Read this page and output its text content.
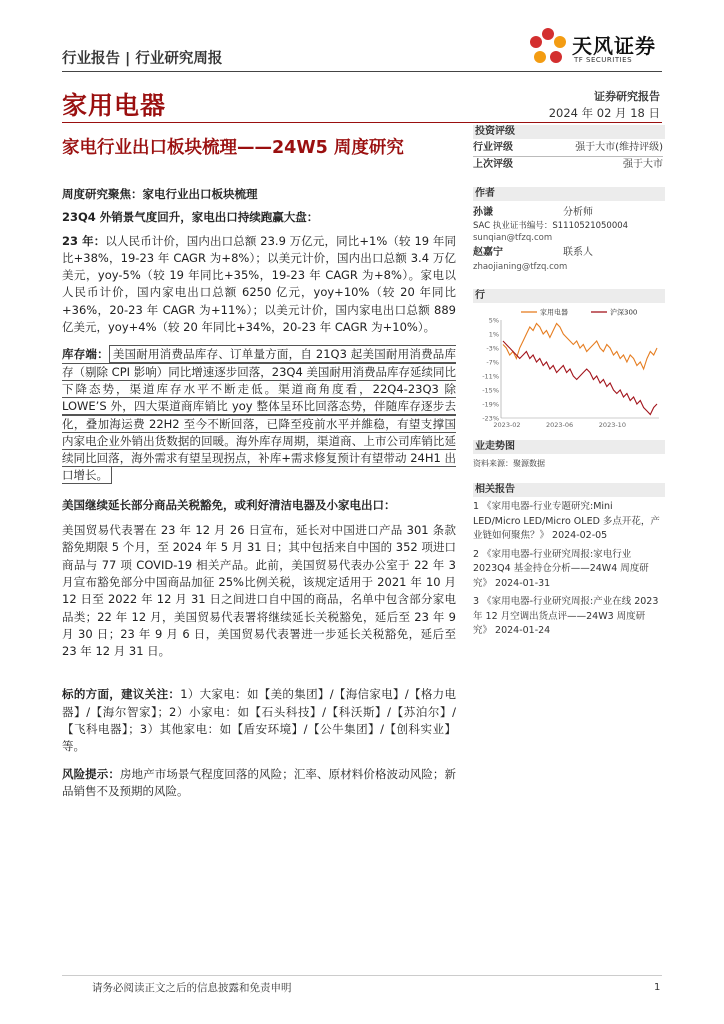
行业报告 | 行业研究周报
天风证券
TF SECURITIES
家用电器	证券研究报告
2024 年 02 月 18 日
家电行业出口板块梳理——24W5 周度研究

周度研究聚焦：家电行业出口板块梳理

23Q4 外销景气度回升，家电出口持续跑赢大盘：

23 年：以人民币计价，国内出口总额 23.9 万亿元，同比+1%（较 19 年同比+38%，19-23 年 CAGR 为+8%）；以美元计价，国内出口总额 3.4 万亿美元，yoy-5%（较 19 年同比+35%，19-23 年 CAGR 为+8%）。家电以人民币计价，国内家电出口总额 6250 亿元，yoy+10%（较 20 年同比+36%，20-23 年 CAGR 为+11%）；以美元计价，国内家电出口总额 889 亿美元，yoy+4%（较 20 年同比+34%，20-23 年 CAGR 为+10%）。

库存端： 美国耐用消费品库存、订单量方面，自 21Q3 起美国耐用消费品库存（剔除 CPI 影响）同比增速逐步回落，23Q4 美国耐用消费品库存延续同比下降态势，渠道库存水平不断走低。渠道商角度看，22Q4-23Q3 除 LOWE’S 外，四大渠道商库销比 yoy 整体呈环比回落态势，伴随库存逐步去化，叠加海运费 22H2 至今不断回落，已降至疫前水平并維稳，有望支撑国内家电企业外销出货数据的回暖。海外库存周期，渠道商、上市公司库销比延续同比回落，海外需求有望呈现拐点，补库+需求修复预计有望带动 24H1 出口增长。

美国继续延长部分商品关税豁免，或利好清洁电器及小家电出口：

美国贸易代表署在 23 年 12 月 26 日宣布，延长对中国进口产品 301 条款豁免期限 5 个月，至 2024 年 5 月 31 日；其中包括来自中国的 352 项进口商品与 77 项 COVID-19 相关产品。此前，美国贸易代表办公室于 22 年 3 月宣布豁免部分中国商品加征 25%比例关税，该规定适用于 2021 年 10 月 12 日至 2022 年 12 月 31 日之间进口自中国的商品，名单中包含部分家电品类；22 年 12 月，美国贸易代表署将继续延长关税豁免，延后至 23 年 9 月 30 日；23 年 9 月 6 日，美国贸易代表署进一步延长关税豁免，延后至 23 年 12 月 31 日。

标的方面，建议关注：1）大家电：如【美的集团】/【海信家电】/【格力电器】/【海尔智家】；2）小家电：如【石头科技】/【科沃斯】/【苏泊尔】/【飞科电器】；3）其他家电：如【盾安环境】/【公牛集团】/【创科实业】等。

风险提示：房地产市场景气程度回落的风险；汇率、原材料价格波动风险；新品销售不及预期的风险。

投资评级
行业评级	强于大市(维持评级)
上次评级	强于大市
作者
孙谦	分析师
SAC 执业证书编号：S1110521050004
sunqian@tfzq.com
赵嘉宁	联系人
zhaojianing@tfzq.com
行
5%
1%
-3%
-7%
-11%
-15%
-19%
-23%
2023-02	2023-06	2023-10
家用电器	沪深300
业走势图
资料来源：聚源数据
相关报告
1 《家用电器-行业专题研究:Mini LED/Micro LED/Micro OLED 多点开花，产业链如何聚焦？》 2024-02-05
2 《家用电器-行业研究周报:家电行业 2023Q4 基金持仓分析——24W4 周度研究》 2024-01-31
3 《家用电器-行业研究周报:产业在线 2023 年 12 月空调出货点评——24W3 周度研究》 2024-01-24
请务必阅读正文之后的信息披露和免责申明	1
